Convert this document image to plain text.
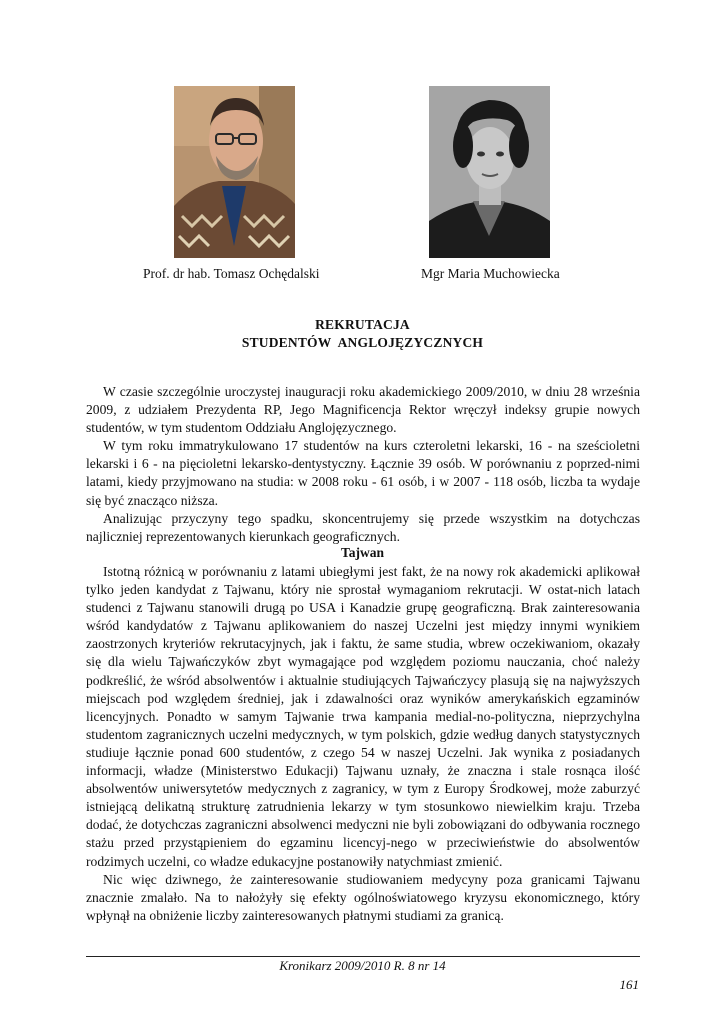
Prof. dr hab. Tomasz Ochędalski	Mgr Maria Muchowiecka
REKRUTACJA
STUDENTÓW  ANGLOJĘZYCZNYCH

W czasie szczególnie uroczystej inauguracji roku akademickiego 2009/2010, w dniu 28 września 2009, z udziałem Prezydenta RP, Jego Magnificencja Rektor wręczył indeksy grupie nowych studentów, w tym studentom Oddziału Anglojęzycznego.

W tym roku immatrykulowano 17 studentów na kurs czteroletni lekarski, 16 - na sześcioletni lekarski i 6 - na pięcioletni lekarsko-dentystyczny. Łącznie 39 osób. W porównaniu z poprzed-nimi latami, kiedy przyjmowano na studia: w 2008 roku - 61 osób, i w 2007 - 118 osób, liczba ta wydaje się być znacząco niższa.

Analizując przyczyny tego spadku, skoncentrujemy się przede wszystkim na dotychczas najliczniej reprezentowanych kierunkach geograficznych.

Tajwan

Istotną różnicą w porównaniu z latami ubiegłymi jest fakt, że na nowy rok akademicki aplikował tylko jeden kandydat z Tajwanu, który nie sprostał wymaganiom rekrutacji. W ostat-nich latach studenci z Tajwanu stanowili drugą po USA i Kanadzie grupę geograficzną. Brak zainteresowania wśród kandydatów z Tajwanu aplikowaniem do naszej Uczelni jest między innymi wynikiem zaostrzonych kryteriów rekrutacyjnych, jak i faktu, że same studia, wbrew oczekiwaniom, okazały się dla wielu Tajwańczyków zbyt wymagające pod względem poziomu nauczania, choć należy podkreślić, że wśród absolwentów i aktualnie studiujących Tajwańczycy plasują się na najwyższych miejscach pod względem średniej, jak i zdawalności oraz wyników amerykańskich egzaminów licencyjnych. Ponadto w samym Tajwanie trwa kampania medial-no-polityczna, nieprzychylna studentom zagranicznych uczelni medycznych, w tym polskich, gdzie według danych statystycznych studiuje łącznie ponad 600 studentów, z czego 54 w naszej Uczelni. Jak wynika z posiadanych informacji, władze (Ministerstwo Edukacji) Tajwanu uznały, że znaczna i stale rosnąca ilość absolwentów uniwersytetów medycznych z zagranicy, w tym z Europy Środkowej, może zaburzyć istniejącą delikatną strukturę zatrudnienia lekarzy w tym stosunkowo niewielkim kraju. Trzeba dodać, że dotychczas zagraniczni absolwenci medyczni nie byli zobowiązani do odbywania rocznego stażu przed przystąpieniem do egzaminu licencyj-nego w przeciwieństwie do absolwentów rodzimych uczelni, co władze edukacyjne postanowiły natychmiast zmienić.

Nic więc dziwnego, że zainteresowanie studiowaniem medycyny poza granicami Tajwanu znacznie zmalało. Na to nałożyły się efekty ogólnoświatowego kryzysu ekonomicznego, który wpłynął na obniżenie liczby zainteresowanych płatnymi studiami za granicą.

Kronikarz 2009/2010 R. 8 nr 14
161
